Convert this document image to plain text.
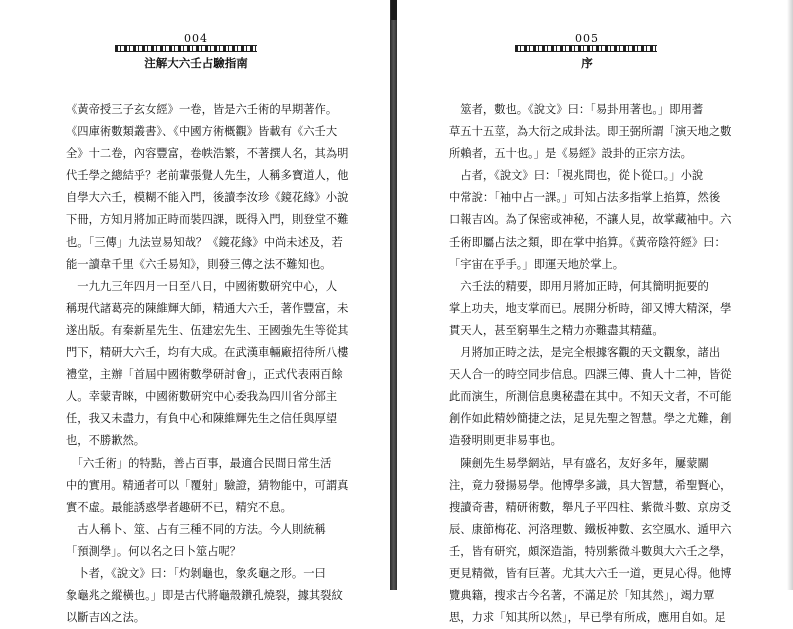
004
注解大六壬占驗指南

《黃帝授三子玄女經》一卷，皆是六壬術的早期著作。

《四庫術數類叢書》、《中國方術概觀》皆載有《六壬大

全》十二卷，內容豐富，卷帙浩繁，不著撰人名，其為明

代壬學之總結乎？老前輩張覺人先生，人稱多寶道人，他

自學大六壬，模糊不能入門，後讀李汝珍《鏡花緣》小說

下冊，方知月將加正時而裝四課，既得入門，則登堂不難

也。「三傳」九法豈易知哉？《鏡花緣》中尚未述及，若

能一讀韋千里《六壬易知》，則發三傳之法不難知也。

　一九九三年四月一日至八日，中國術數研究中心，人

稱現代諸葛亮的陳維輝大師，精通大六壬，著作豐富，未

遂出版。有秦新星先生、伍建宏先生、王國強先生等從其

門下，精研大六壬，均有大成。在武漢車輛廠招待所八樓

禮堂，主辦「首屆中國術數學研討會」，正式代表兩百餘

人。幸蒙青睞，中國術數研究中心委我為四川省分部主

任，我又未盡力，有負中心和陳維輝先生之信任與厚望

也，不勝歉然。

　「六壬術」的特點，善占百事，最適合民間日常生活

中的實用。精通者可以「覆射」驗證，猜物能中，可謂真

實不虛。最能誘惑學者趣研不已，精究不息。

　古人稱卜、筮、占有三種不同的方法。今人則統稱

「預測學」。何以名之曰卜筮占呢？

　卜者，《說文》曰：「灼剝龜也，象炙龜之形。一曰

象龜兆之縱橫也。」即是古代將龜殼鑽孔燒裂，據其裂紋

以斷吉凶之法。

005
序

　筮者，數也。《說文》曰：「易卦用著也。」即用蓍

草五十五莖，為大衍之成卦法。即王弼所謂「演天地之數

所賴者，五十也。」是《易經》設卦的正宗方法。

　占者，《說文》曰：「視兆問也，從卜從口。」小說

中常說：「袖中占一課。」可知占法多指掌上掐算，然後

口報吉凶。為了保密或神秘，不讓人見，故掌藏袖中。六

壬術即屬占法之類，即在掌中掐算。《黃帝陰符經》曰：

「宇宙在乎手。」即運天地於掌上。

　六壬法的精要，即用月將加正時，何其簡明扼要的

掌上功夫，地支掌而已。展開分析時，卻又博大精深，學

貫天人，甚至窮畢生之精力亦難盡其精蘊。

　月將加正時之法，是完全根據客觀的天文觀象，諸出

天人合一的時空同步信息。四課三傳、貴人十二神，皆從

此而演生，所測信息奧秘盡在其中。不知天文者，不可能

創作如此精妙簡捷之法，足見先聖之智慧。學之尤難，創

造發明則更非易事也。

　陳劍先生易學網站，早有盛名，友好多年，屢蒙關

注，竟力發揚易學。他博學多識，具大智慧，希聖賢心，

搜讀奇書，精研術數，舉凡子平四柱、紫微斗數、京房爻

辰、康節梅花、河洛理數、鐵板神數、玄空風水、遁甲六

壬，皆有研究，頗深造詣，特別紫微斗數與大六壬之學，

更見精微，皆有巨著。尤其大六壬一道，更見心得。他博

覽典籍，搜求古今名著，不滿足於「知其然」，竭力覃

思，力求「知其所以然」，早已學有所成，應用自如。足
